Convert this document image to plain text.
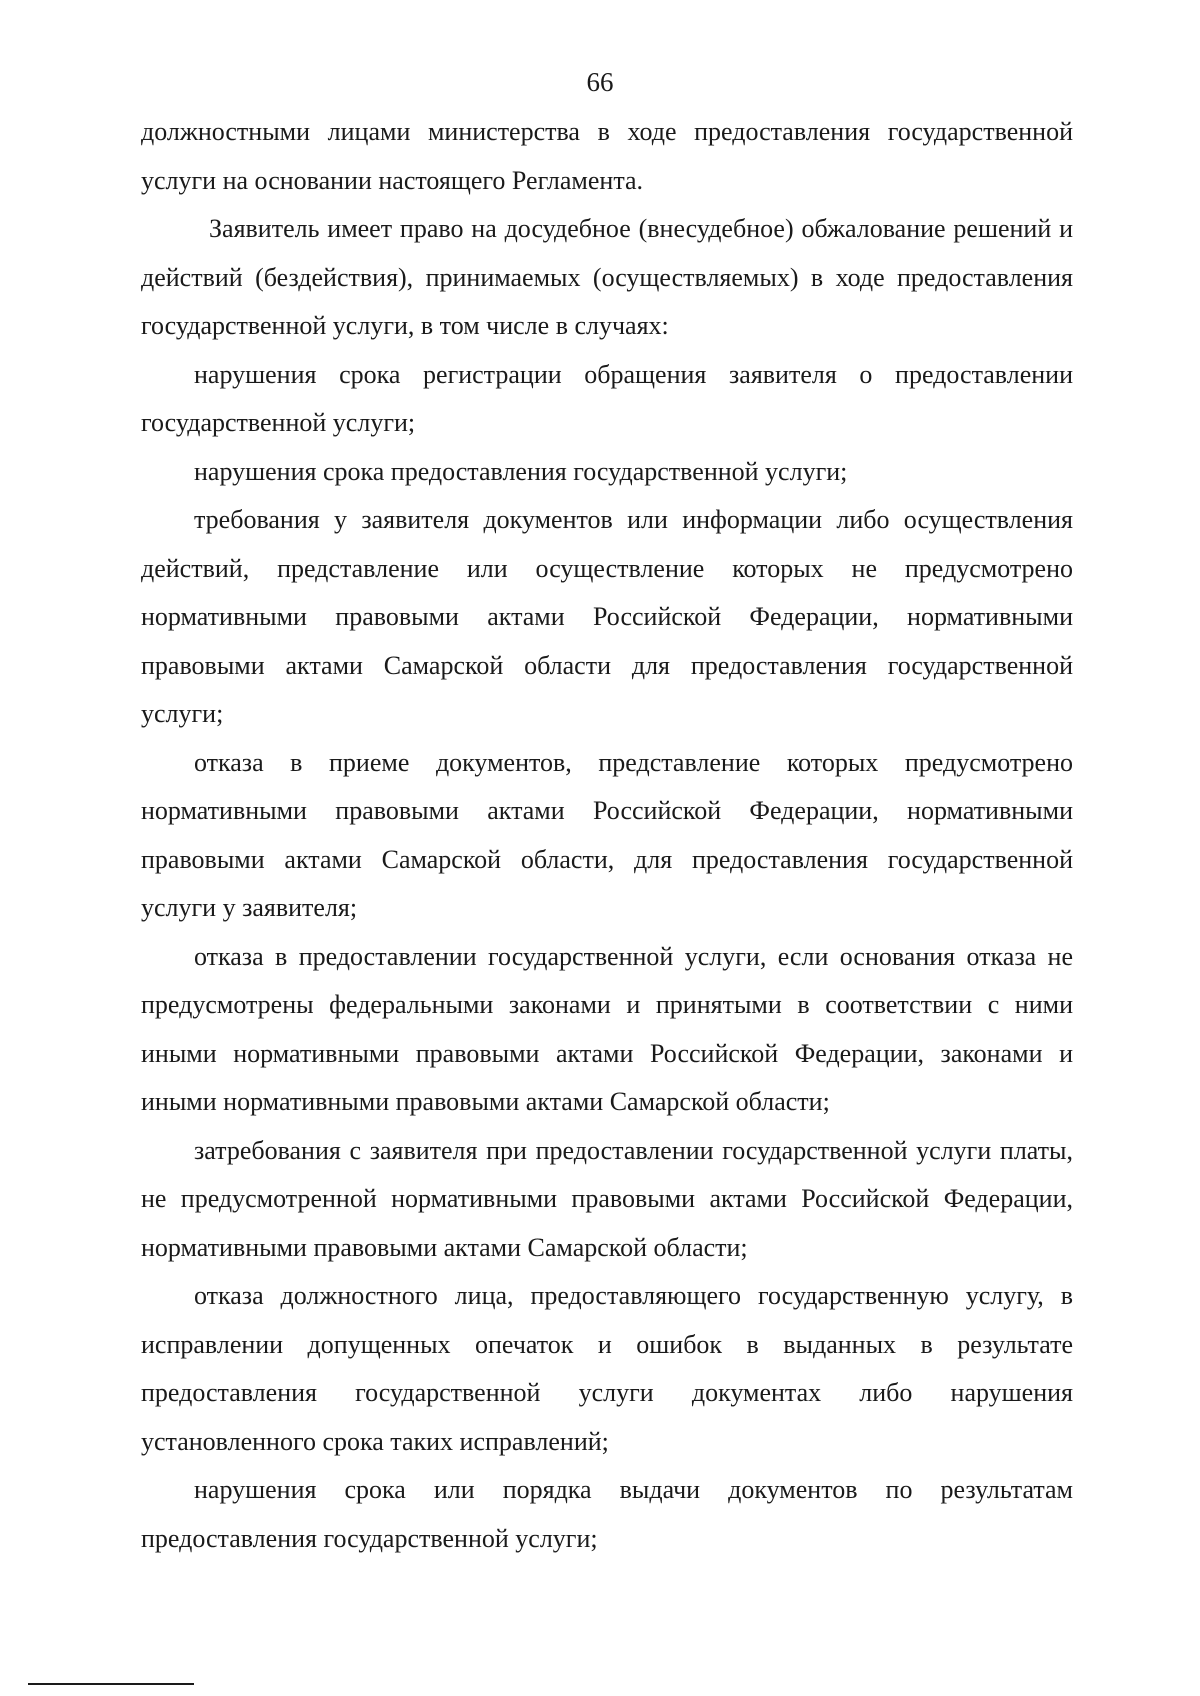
66

должностными лицами министерства в ходе предоставления государственной услуги на основании настоящего Регламента.

Заявитель имеет право на досудебное (внесудебное) обжалование решений и действий (бездействия), принимаемых (осуществляемых) в ходе предоставления государственной услуги, в том числе в случаях:

нарушения срока регистрации обращения заявителя о предоставлении государственной услуги;

нарушения срока предоставления государственной услуги;

требования у заявителя документов или информации либо осуществления действий, представление или осуществление которых не предусмотрено нормативными правовыми актами Российской Федерации, нормативными правовыми актами Самарской области для предоставления государственной услуги;

отказа в приеме документов, представление которых предусмотрено нормативными правовыми актами Российской Федерации, нормативными правовыми актами Самарской области, для предоставления государственной услуги у заявителя;

отказа в предоставлении государственной услуги, если основания отказа не предусмотрены федеральными законами и принятыми в соответствии с ними иными нормативными правовыми актами Российской Федерации, законами и иными нормативными правовыми актами Самарской области;

затребования с заявителя при предоставлении государственной услуги платы, не предусмотренной нормативными правовыми актами Российской Федерации, нормативными правовыми актами Самарской области;

отказа должностного лица, предоставляющего государственную услугу, в исправлении допущенных опечаток и ошибок в выданных в результате предоставления государственной услуги документах либо нарушения установленного срока таких исправлений;

нарушения срока или порядка выдачи документов по результатам предоставления государственной услуги;
